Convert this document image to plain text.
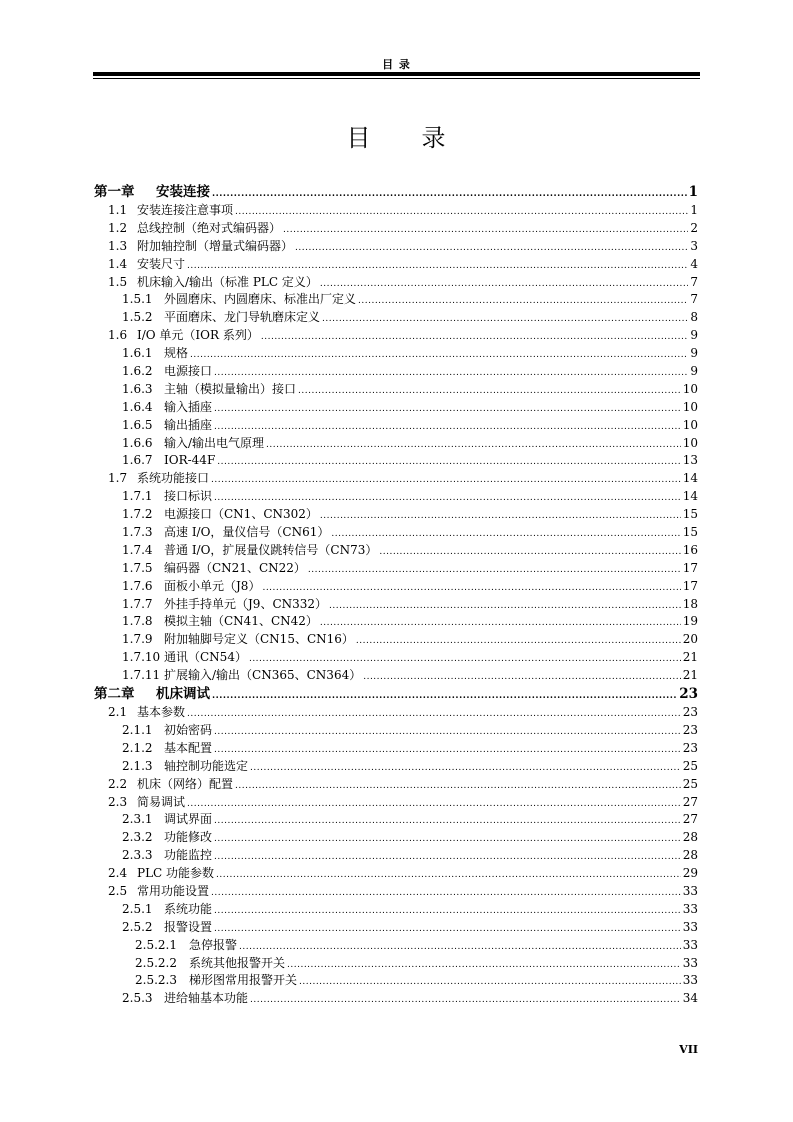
目 录
目　　录
第一章	安装连接 .....	1
1.1 安装连接注意事项 .....	1
1.2 总线控制（绝对式编码器） .....	2
1.3 附加轴控制（增量式编码器） .....	3
1.4 安装尺寸 .....	4
1.5 机床输入/输出（标准 PLC 定义） .....	7
1.5.1 外圆磨床、内圆磨床、标准出厂定义 .....	7
1.5.2 平面磨床、龙门导轨磨床定义 .....	8
1.6 I/O 单元（IOR 系列） .....	9
1.6.1 规格 .....	9
1.6.2 电源接口 .....	9
1.6.3 主轴（模拟量输出）接口 .....	10
1.6.4 输入插座 .....	10
1.6.5 输出插座 .....	10
1.6.6 输入/输出电气原理 .....	10
1.6.7 IOR-44F .....	13
1.7 系统功能接口 .....	14
1.7.1 接口标识 .....	14
1.7.2 电源接口（CN1、CN302） .....	15
1.7.3 高速 I/O，量仪信号（CN61） .....	15
1.7.4 普通 I/O，扩展量仪跳转信号（CN73） .....	16
1.7.5 编码器（CN21、CN22） .....	17
1.7.6 面板小单元（J8） .....	17
1.7.7 外挂手持单元（J9、CN332） .....	18
1.7.8 模拟主轴（CN41、CN42） .....	19
1.7.9 附加轴脚号定义（CN15、CN16） .....	20
1.7.10 通讯（CN54） .....	21
1.7.11 扩展输入/输出（CN365、CN364） .....	21
第二章	机床调试 .....	23
2.1 基本参数 .....	23
2.1.1 初始密码 .....	23
2.1.2 基本配置 .....	23
2.1.3 轴控制功能选定 .....	25
2.2 机床（网络）配置 .....	25
2.3 简易调试 .....	27
2.3.1 调试界面 .....	27
2.3.2 功能修改 .....	28
2.3.3 功能监控 .....	28
2.4 PLC 功能参数 .....	29
2.5 常用功能设置 .....	33
2.5.1 系统功能 .....	33
2.5.2 报警设置 .....	33
2.5.2.1	急停报警 .....	33
2.5.2.2	系统其他报警开关 .....	33
2.5.2.3	梯形图常用报警开关 .....	33
2.5.3 进给轴基本功能 .....	34
VII
